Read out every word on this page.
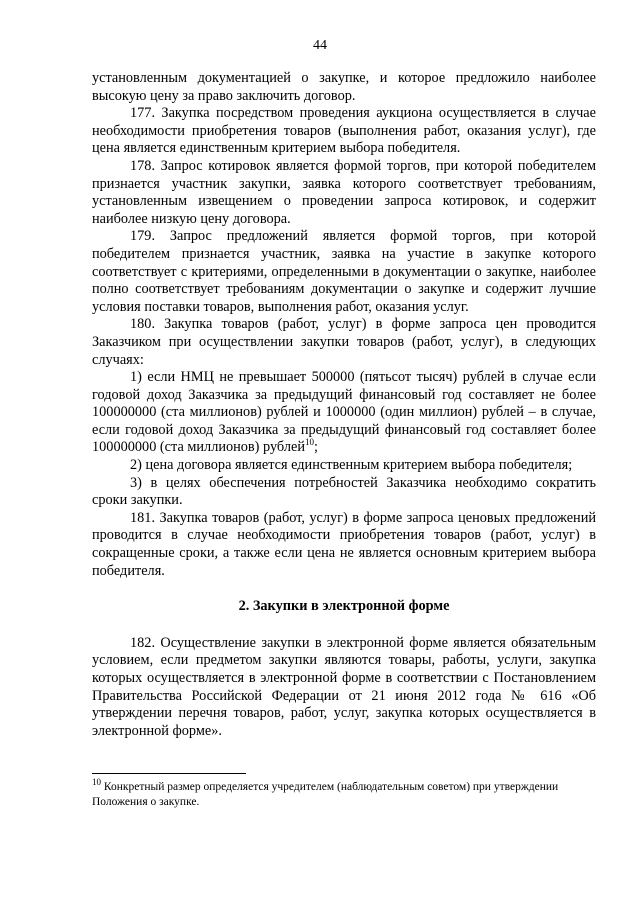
44

установленным документацией о закупке, и которое предложило наиболее высокую цену за право заключить договор.

177. Закупка посредством проведения аукциона осуществляется в случае необходимости приобретения товаров (выполнения работ, оказания услуг), где цена является единственным критерием выбора победителя.

178. Запрос котировок является формой торгов, при которой победителем признается участник закупки, заявка которого соответствует требованиям, установленным извещением о проведении запроса котировок, и содержит наиболее низкую цену договора.

179. Запрос предложений является формой торгов, при которой победителем признается участник, заявка на участие в закупке которого соответствует с критериями, определенными в документации о закупке, наиболее полно соответствует требованиям документации о закупке и содержит лучшие условия поставки товаров, выполнения работ, оказания услуг.

180. Закупка товаров (работ, услуг) в форме запроса цен проводится Заказчиком при осуществлении закупки товаров (работ, услуг), в следующих случаях:

1) если НМЦ не превышает 500000 (пятьсот тысяч) рублей в случае если годовой доход Заказчика за предыдущий финансовый год составляет не более 100000000 (ста миллионов) рублей и 1000000 (один миллион) рублей – в случае, если годовой доход Заказчика за предыдущий финансовый год составляет более 100000000 (ста миллионов) рублей$^{10}$;

2) цена договора является единственным критерием выбора победителя;

3) в целях обеспечения потребностей Заказчика необходимо сократить сроки закупки.

181. Закупка товаров (работ, услуг) в форме запроса ценовых предложений проводится в случае необходимости приобретения товаров (работ, услуг) в сокращенные сроки, а также если цена не является основным критерием выбора победителя.

2. Закупки в электронной форме

182. Осуществление закупки в электронной форме является обязательным условием, если предметом закупки являются товары, работы, услуги, закупка которых осуществляется в электронной форме в соответствии с Постановлением Правительства Российской Федерации от 21 июня 2012 года № 616 «Об утверждении перечня товаров, работ, услуг, закупка которых осуществляется в электронной форме».

$^{10}$ Конкретный размер определяется учредителем (наблюдательным советом) при утверждении Положения о закупке.
